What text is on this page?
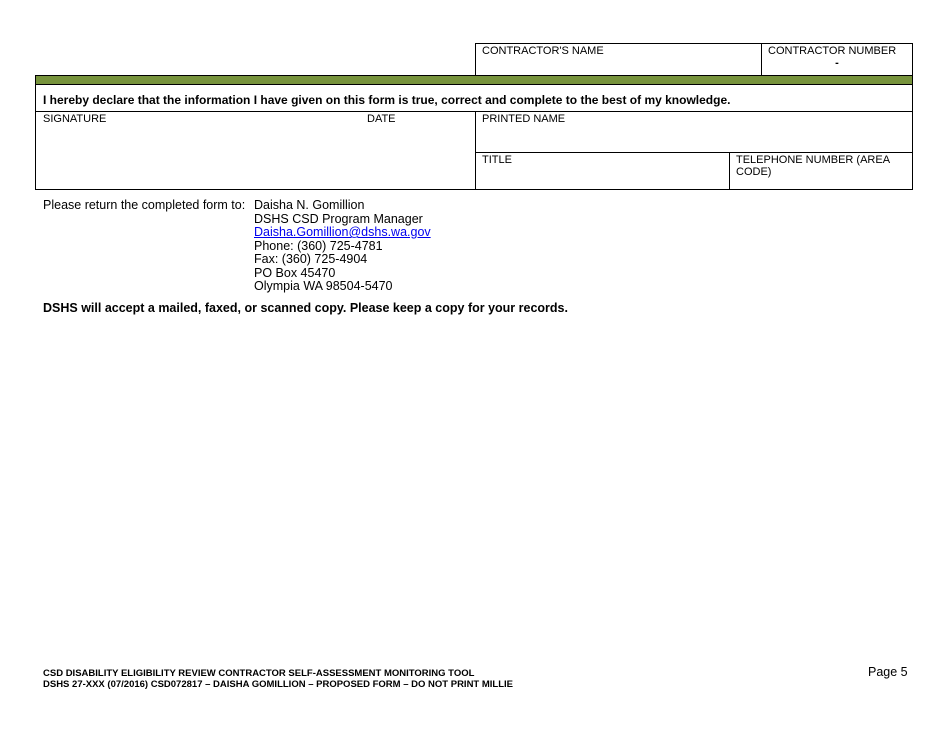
CONTRACTOR'S NAME	CONTRACTOR NUMBER
-
I hereby declare that the information I have given on this form is true, correct and complete to the best of my knowledge.
SIGNATURE	DATE	PRINTED NAME
TITLE	TELEPHONE NUMBER (AREA CODE)
Please return the completed form to: Daisha N. Gomillion
DSHS CSD Program Manager
Daisha.Gomillion@dshs.wa.gov
Phone: (360) 725-4781
Fax: (360) 725-4904
PO Box 45470
Olympia WA 98504-5470
DSHS will accept a mailed, faxed, or scanned copy. Please keep a copy for your records.
CSD DISABILITY ELIGIBILITY REVIEW CONTRACTOR SELF-ASSESSMENT MONITORING TOOL
DSHS 27-XXX (07/2016) CSD072817 – DAISHA GOMILLION – PROPOSED FORM – DO NOT PRINT MILLIE
Page 5
